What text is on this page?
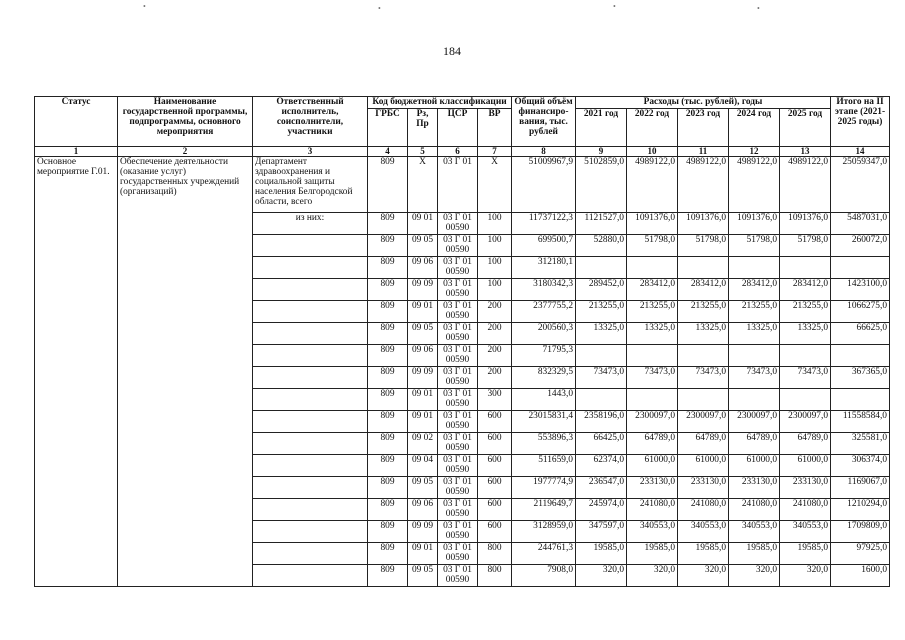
184
•	•	•	•
Статус	Наименование государственной программы, подпрограммы, основного мероприятия	Ответственный исполнитель, соисполнители, участники	Код бюджетной классификации				Общий объём финансиро-вания, тыс. рублей	Расходы (тыс. рублей), годы					Итого на II этапе (2021-2025 годы)
			ГРБС	Рз, Пр	ЦСР	ВР		2021 год	2022 год	2023 год	2024 год	2025 год	
1	2	3	4	5	6	7	8	9	10	11	12	13	14
Основное мероприятие Г.01.	Обеспечение деятельности (оказание услуг) государственных учреждений (организаций)	Департамент здравоохранения и социальной защиты населения Белгородской области, всего	809	Х	03 Г 01	Х	51009967,9	5102859,0	4989122,0	4989122,0	4989122,0	4989122,0	25059347,0
		из них:	809	09 01	03 Г 01 00590	100	11737122,3	1121527,0	1091376,0	1091376,0	1091376,0	1091376,0	5487031,0
			809	09 05	03 Г 01 00590	100	699500,7	52880,0	51798,0	51798,0	51798,0	51798,0	260072,0
			809	09 06	03 Г 01 00590	100	312180,1						
			809	09 09	03 Г 01 00590	100	3180342,3	289452,0	283412,0	283412,0	283412,0	283412,0	1423100,0
			809	09 01	03 Г 01 00590	200	2377755,2	213255,0	213255,0	213255,0	213255,0	213255,0	1066275,0
			809	09 05	03 Г 01 00590	200	200560,3	13325,0	13325,0	13325,0	13325,0	13325,0	66625,0
			809	09 06	03 Г 01 00590	200	71795,3						
			809	09 09	03 Г 01 00590	200	832329,5	73473,0	73473,0	73473,0	73473,0	73473,0	367365,0
			809	09 01	03 Г 01 00590	300	1443,0						
			809	09 01	03 Г 01 00590	600	23015831,4	2358196,0	2300097,0	2300097,0	2300097,0	2300097,0	11558584,0
			809	09 02	03 Г 01 00590	600	553896,3	66425,0	64789,0	64789,0	64789,0	64789,0	325581,0
			809	09 04	03 Г 01 00590	600	511659,0	62374,0	61000,0	61000,0	61000,0	61000,0	306374,0
			809	09 05	03 Г 01 00590	600	1977774,9	236547,0	233130,0	233130,0	233130,0	233130,0	1169067,0
			809	09 06	03 Г 01 00590	600	2119649,7	245974,0	241080,0	241080,0	241080,0	241080,0	1210294,0
			809	09 09	03 Г 01 00590	600	3128959,0	347597,0	340553,0	340553,0	340553,0	340553,0	1709809,0
			809	09 01	03 Г 01 00590	800	244761,3	19585,0	19585,0	19585,0	19585,0	19585,0	97925,0
			809	09 05	03 Г 01 00590	800	7908,0	320,0	320,0	320,0	320,0	320,0	1600,0
